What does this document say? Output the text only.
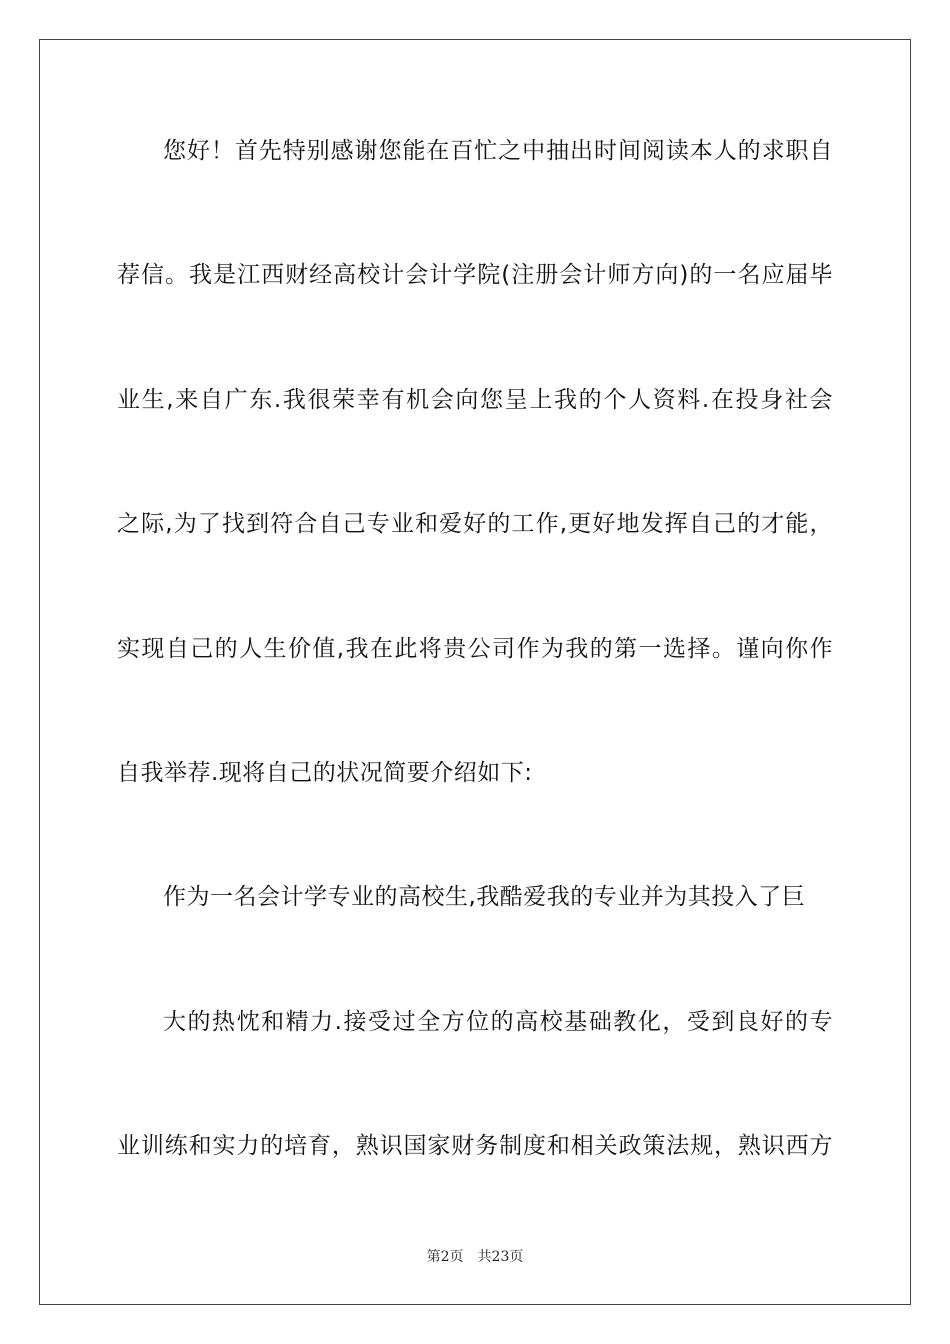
您好！首先特别感谢您能在百忙之中抽出时间阅读本人的求职自
荐信。我是江西财经高校计会计学院(注册会计师方向)的一名应届毕
业生,来自广东.我很荣幸有机会向您呈上我的个人资料.在投身社会
之际,为了找到符合自己专业和爱好的工作,更好地发挥自己的才能，
实现自己的人生价值,我在此将贵公司作为我的第一选择。谨向你作
自我举荐.现将自己的状况简要介绍如下:
作为一名会计学专业的高校生,我酷爱我的专业并为其投入了巨
大的热忱和精力.接受过全方位的高校基础教化，受到良好的专
业训练和实力的培育，熟识国家财务制度和相关政策法规，熟识西方
第2页　共23页
